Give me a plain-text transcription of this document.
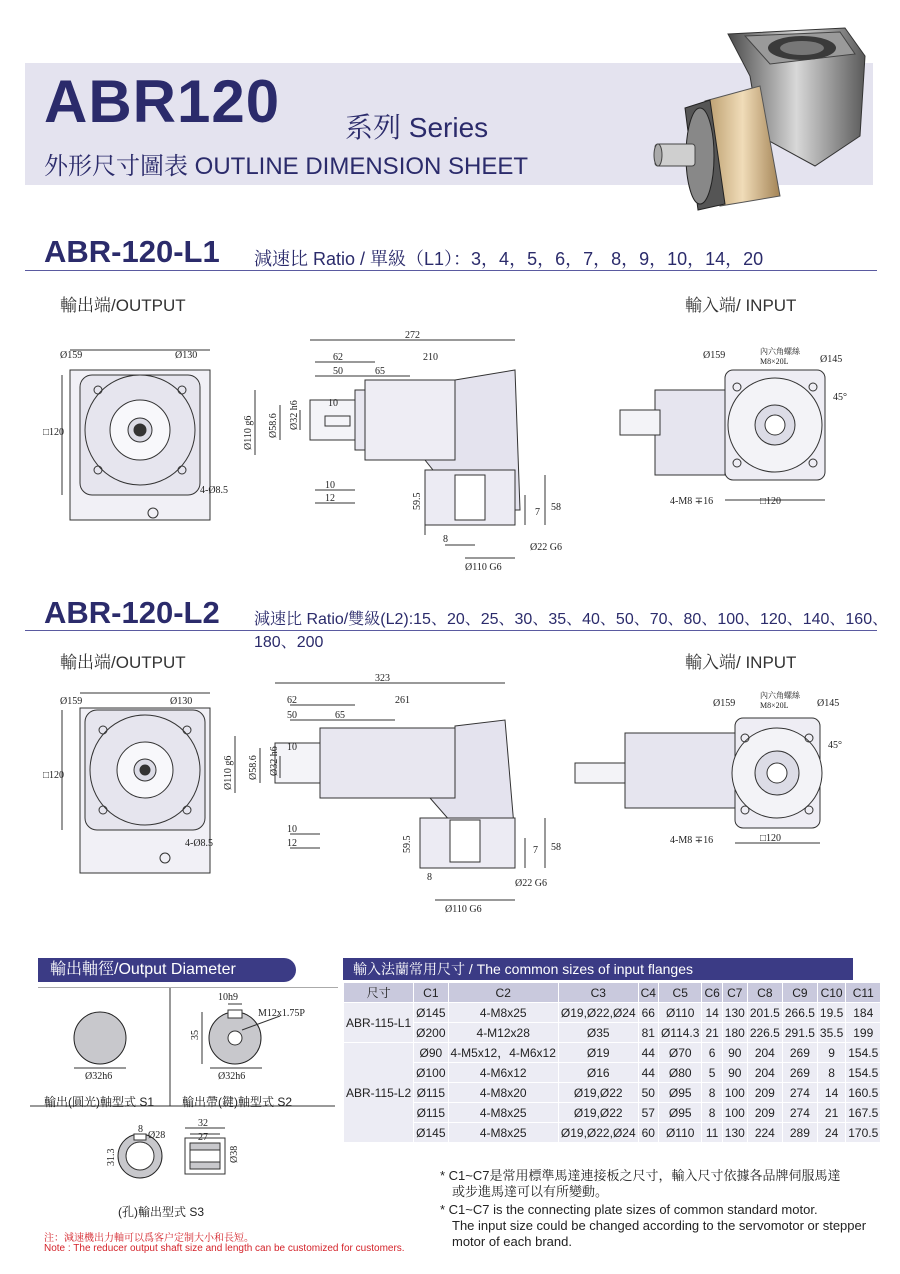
ABR120 系列 Series
外形尺寸圖表 OUTLINE DIMENSION SHEET
ABR-120-L1 減速比 Ratio / 單級（L1）：3，4，5，6，7，8，9，10，14，20
輸出端/OUTPUT	輸入端/ INPUT
Ø159	Ø130
□120
4-Ø8.5
272
62	210
50	65
Ø110 g6 Ø58.6 Ø32 h6	10
10
12	59.5
7 58
8
Ø22 G6
Ø110 G6
Ø159	Ø145
內六角螺絲
M8×20L
45°
4-M8 ∓16	□120
ABR-120-L2 減速比 Ratio/雙級(L2):15、20、25、30、35、40、50、70、80、100、120、140、160、180、200
輸出端/OUTPUT	輸入端/ INPUT
Ø159	Ø130
□120
4-Ø8.5
323
62	261
50	65
Ø110 g6 Ø58.6 Ø32 h6 10
10
12	59.5	7 58
8
Ø22 G6
Ø110 G6
Ø159	Ø145
內六角螺絲
M8×20L
45°
4-M8 ∓16	□120
輸出軸徑/Output Diameter
Ø32h6
10h9
M12x1.75P
35
Ø32h6
8
Ø28
31.3
32
27
Ø38
輸出(圓光)軸型式 S1 輸出帶(鍵)軸型式 S2
(孔)輸出型式 S3
注：減速機出力軸可以爲客户定制大小和長短。
Note : The reducer output shaft size and length can be customized for customers.
輸入法蘭常用尺寸 / The common sizes of input flanges
尺寸	C1	C2	C3	C4	C5	C6	C7	C8	C9	C10	C11
ABR-115-L1	Ø145	4-M8x25	Ø19,Ø22,Ø24	66	Ø110	14	130	201.5	266.5	19.5	184
	Ø200	4-M12x28	Ø35	81	Ø114.3	21	180	226.5	291.5	35.5	199
ABR-115-L2	Ø90	4-M5x12，4-M6x12	Ø19	44	Ø70	6	90	204	269	9	154.5
	Ø100	4-M6x12	Ø16	44	Ø80	5	90	204	269	8	154.5
	Ø115	4-M8x20	Ø19,Ø22	50	Ø95	8	100	209	274	14	160.5
	Ø115	4-M8x25	Ø19,Ø22	57	Ø95	8	100	209	274	21	167.5
	Ø145	4-M8x25	Ø19,Ø22,Ø24	60	Ø110	11	130	224	289	24	170.5
* C1~C7是常用標準馬達連接板之尺寸，輸入尺寸依據各品牌伺服馬達
或步進馬達可以有所變動。
* C1~C7 is the connecting plate sizes of common standard motor.
The input size could be changed according to the servomotor or stepper
motor of each brand.
